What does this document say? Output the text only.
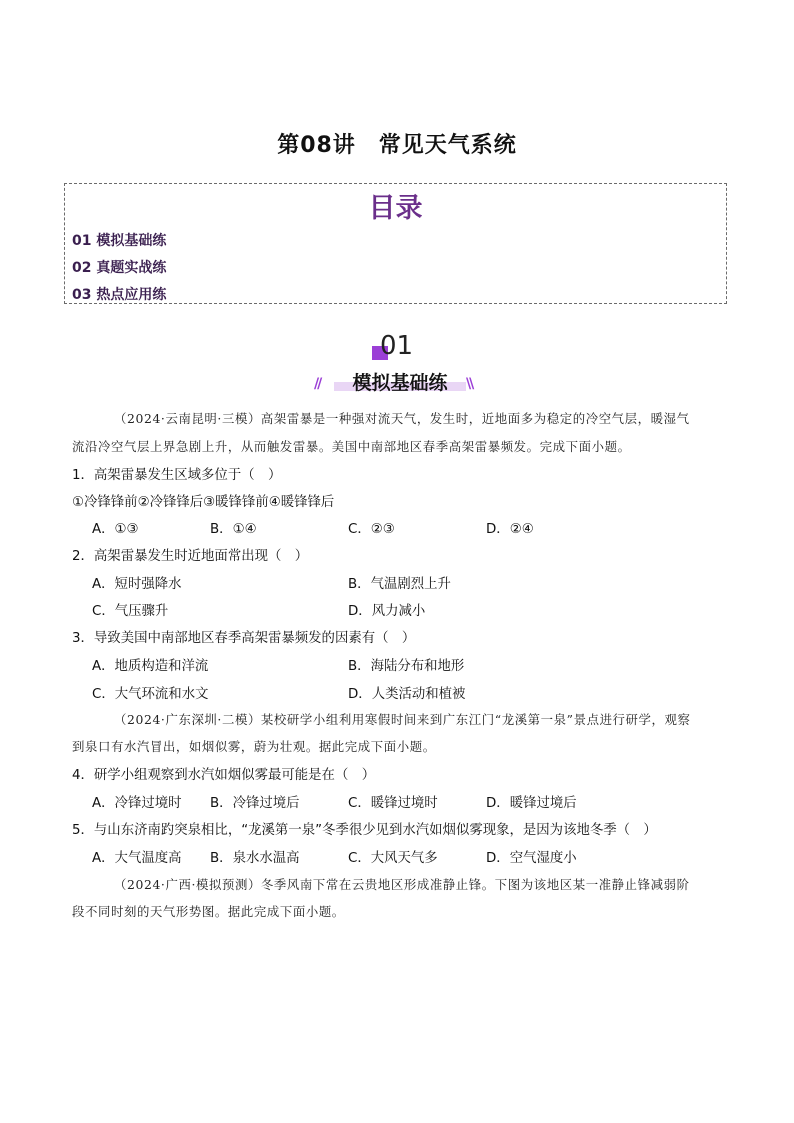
第08讲　常见天气系统
目录
01 模拟基础练
02 真题实战练
03 热点应用练
01
//	模拟基础练	\\
（2024·云南昆明·三模）高架雷暴是一种强对流天气，发生时，近地面多为稳定的冷空气层，暖湿气
流沿冷空气层上界急剧上升，从而触发雷暴。美国中南部地区春季高架雷暴频发。完成下面小题。
1．高架雷暴发生区域多位于（　）
①冷锋锋前②冷锋锋后③暖锋锋前④暖锋锋后
A．①③	B．①④	C．②③	D．②④
2．高架雷暴发生时近地面常出现（　）
A．短时强降水	B．气温剧烈上升
C．气压骤升	D．风力减小
3．导致美国中南部地区春季高架雷暴频发的因素有（　）
A．地质构造和洋流	B．海陆分布和地形
C．大气环流和水文	D．人类活动和植被
（2024·广东深圳·二模）某校研学小组利用寒假时间来到广东江门“龙溪第一泉”景点进行研学，观察
到泉口有水汽冒出，如烟似雾，蔚为壮观。据此完成下面小题。
4．研学小组观察到水汽如烟似雾最可能是在（　）
A．冷锋过境时 B．冷锋过境后	C．暖锋过境时	D．暖锋过境后
5．与山东济南趵突泉相比，“龙溪第一泉”冬季很少见到水汽如烟似雾现象，是因为该地冬季（　）
A．大气温度高 B．泉水水温高	C．大风天气多	D．空气湿度小
（2024·广西·模拟预测）冬季风南下常在云贵地区形成准静止锋。下图为该地区某一准静止锋减弱阶
段不同时刻的天气形势图。据此完成下面小题。
